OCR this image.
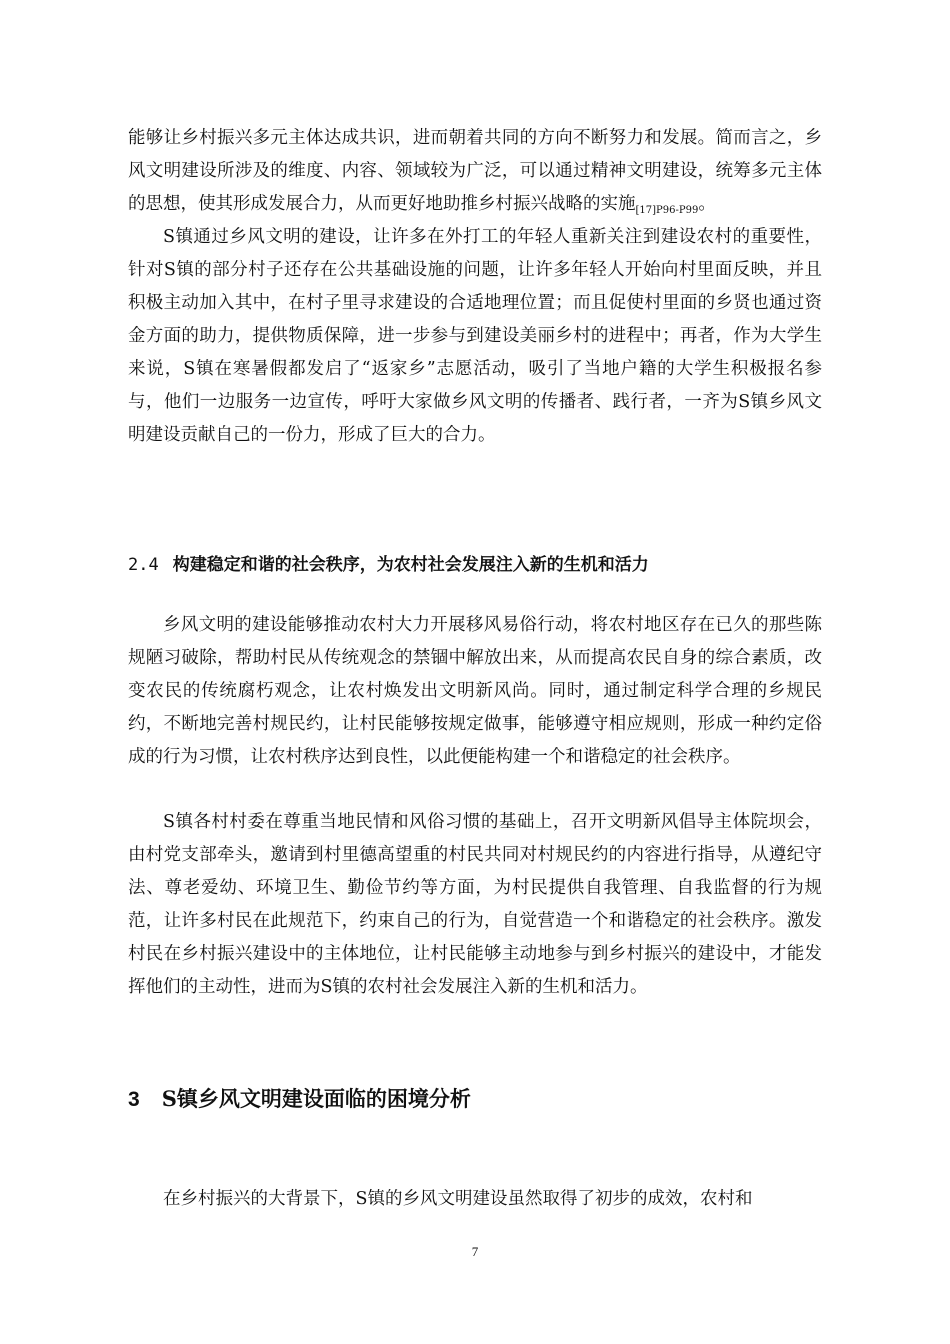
能够让乡村振兴多元主体达成共识，进而朝着共同的方向不断努力和发展。简而言之，乡风文明建设所涉及的维度、内容、领域较为广泛，可以通过精神文明建设，统筹多元主体的思想，使其形成发展合力，从而更好地助推乡村振兴战略的实施$^{[17]P96-P99}$。

S镇通过乡风文明的建设，让许多在外打工的年轻人重新关注到建设农村的重要性，针对S镇的部分村子还存在公共基础设施的问题，让许多年轻人开始向村里面反映，并且积极主动加入其中，在村子里寻求建设的合适地理位置；而且促使村里面的乡贤也通过资金方面的助力，提供物质保障，进一步参与到建设美丽乡村的进程中；再者，作为大学生来说，S镇在寒暑假都发启了“返家乡”志愿活动，吸引了当地户籍的大学生积极报名参与，他们一边服务一边宣传，呼吁大家做乡风文明的传播者、践行者，一齐为S镇乡风文明建设贡献自己的一份力，形成了巨大的合力。

2.4 构建稳定和谐的社会秩序，为农村社会发展注入新的生机和活力

乡风文明的建设能够推动农村大力开展移风易俗行动，将农村地区存在已久的那些陈规陋习破除，帮助村民从传统观念的禁锢中解放出来，从而提高农民自身的综合素质，改变农民的传统腐朽观念，让农村焕发出文明新风尚。同时，通过制定科学合理的乡规民约，不断地完善村规民约，让村民能够按规定做事，能够遵守相应规则，形成一种约定俗成的行为习惯，让农村秩序达到良性，以此便能构建一个和谐稳定的社会秩序。

S镇各村村委在尊重当地民情和风俗习惯的基础上，召开文明新风倡导主体院坝会，由村党支部牵头，邀请到村里德高望重的村民共同对村规民约的内容进行指导，从遵纪守法、尊老爱幼、环境卫生、勤俭节约等方面，为村民提供自我管理、自我监督的行为规范，让许多村民在此规范下，约束自己的行为，自觉营造一个和谐稳定的社会秩序。激发村民在乡村振兴建设中的主体地位，让村民能够主动地参与到乡村振兴的建设中，才能发挥他们的主动性，进而为S镇的农村社会发展注入新的生机和活力。

3 S镇乡风文明建设面临的困境分析

在乡村振兴的大背景下，S镇的乡风文明建设虽然取得了初步的成效，农村和

7
